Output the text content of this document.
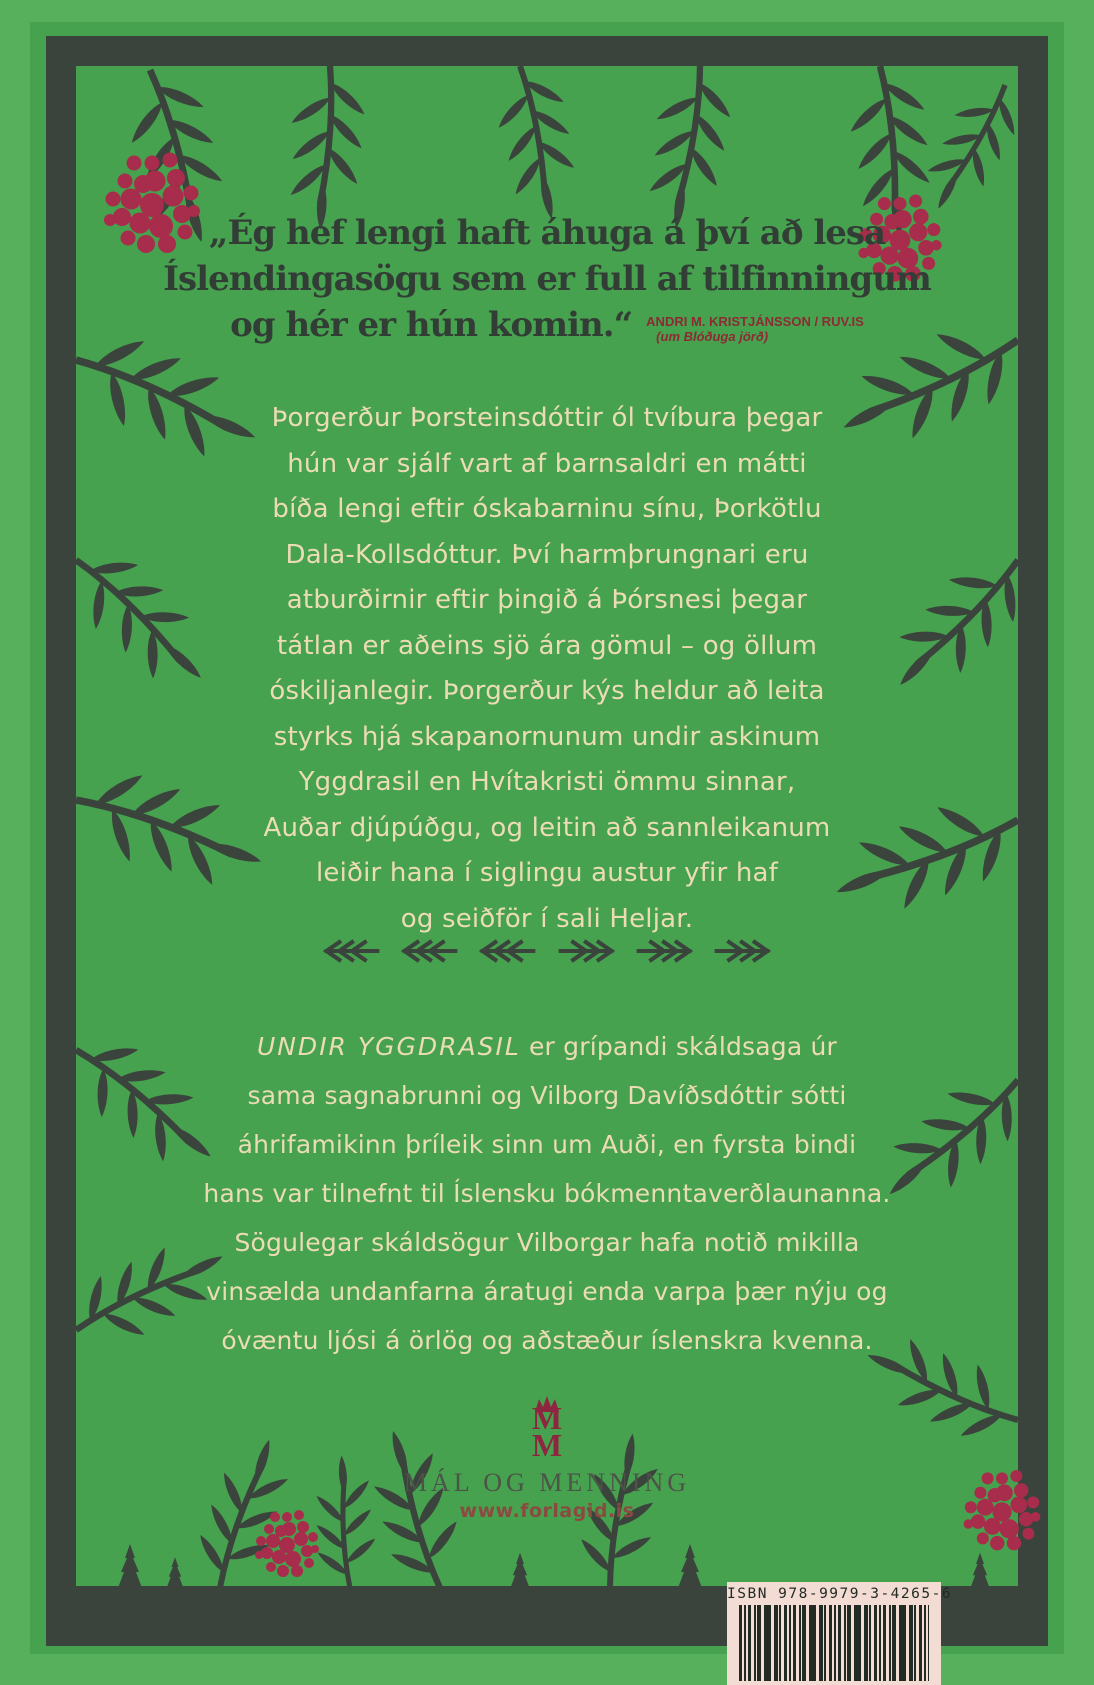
„Ég hef lengi haft áhuga á því að lesa
Íslendingasögu sem er full af tilfinningum
og hér er hún komin.“ ANDRI M. KRISTJÁNSSON / RUV.IS
(um Blóðuga jörð)
Þorgerður Þorsteinsdóttir ól tvíbura þegar
hún var sjálf vart af barnsaldri en mátti
bíða lengi eftir óskabarninu sínu, Þorkötlu
Dala-Kollsdóttur. Því harmþrungnari eru
atburðirnir eftir þingið á Þórsnesi þegar
tátlan er aðeins sjö ára gömul – og öllum
óskiljanlegir. Þorgerður kýs heldur að leita
styrks hjá skapanornunum undir askinum
Yggdrasil en Hvítakristi ömmu sinnar,
Auðar djúpúðgu, og leitin að sannleikanum
leiðir hana í siglingu austur yfir haf
og seiðför í sali Heljar.
UNDIR YGGDRASIL er grípandi skáldsaga úr
sama sagnabrunni og Vilborg Davíðsdóttir sótti
áhrifamikinn þríleik sinn um Auði, en fyrsta bindi
hans var tilnefnt til Íslensku bókmenntaverðlaunanna.
Sögulegar skáldsögur Vilborgar hafa notið mikilla
vinsælda undanfarna áratugi enda varpa þær nýju og
óvæntu ljósi á örlög og aðstæður íslenskra kvenna.
M
M
MÁL OG MENNING
www.forlagid.is
ISBN 978-9979-3-4265-6
